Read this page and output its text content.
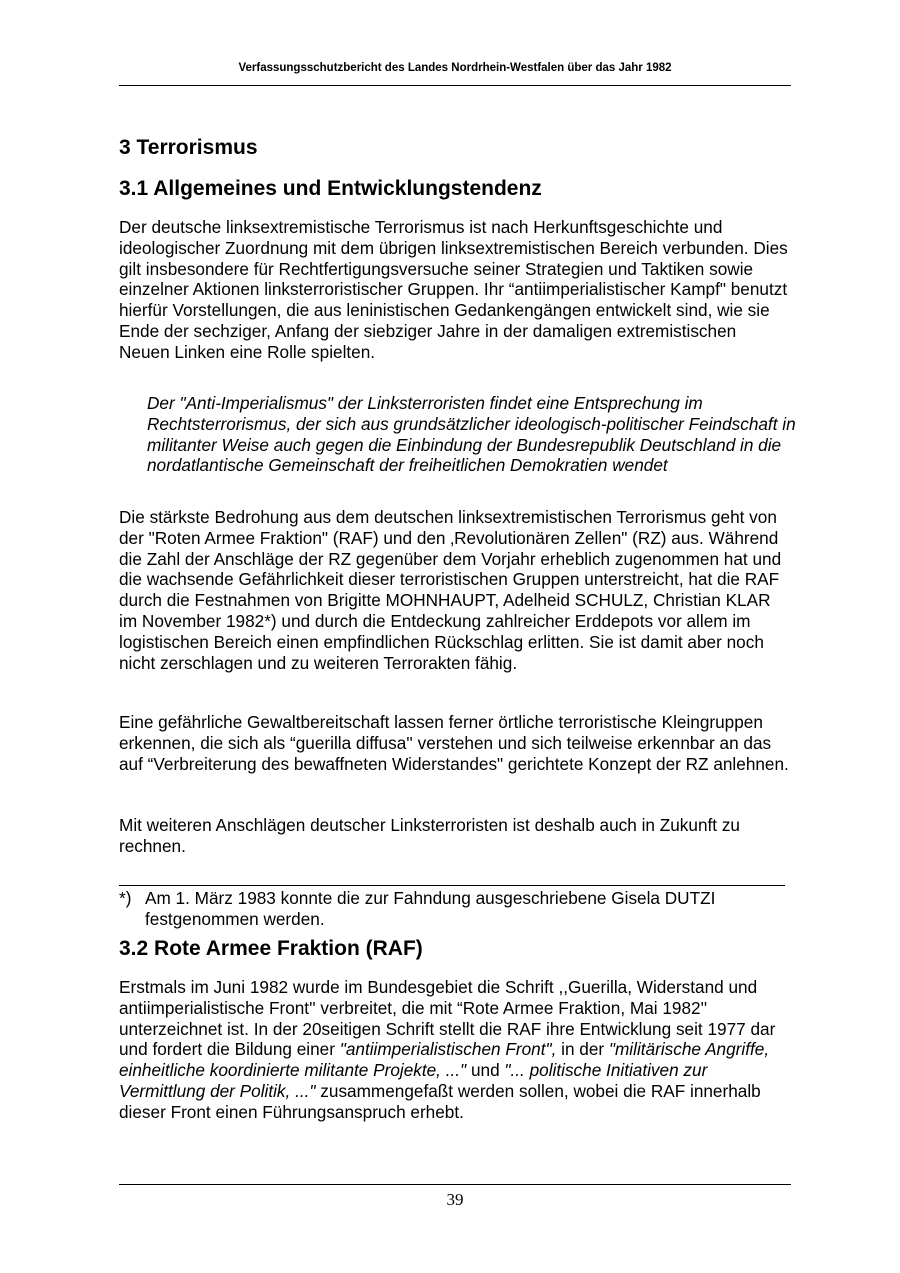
Verfassungsschutzbericht des Landes Nordrhein-Westfalen über das Jahr 1982
3 Terrorismus
3.1 Allgemeines und Entwicklungstendenz

Der deutsche linksextremistische Terrorismus ist nach Herkunftsgeschichte und ideologischer Zuordnung mit dem übrigen linksextremistischen Bereich verbunden. Dies gilt insbesondere für Rechtfertigungsversuche seiner Strategien und Taktiken sowie einzelner Aktionen linksterroristischer Gruppen. Ihr “antiimperialistischer Kampf" benutzt hierfür Vorstellungen, die aus leninistischen Gedankengängen entwickelt sind, wie sie Ende der sechziger, Anfang der siebziger Jahre in der damaligen extremistischen Neuen Linken eine Rolle spielten.

Der "Anti-Imperialismus" der Linksterroristen findet eine Entsprechung im Rechtsterrorismus, der sich aus grundsätzlicher ideologisch-politischer Feindschaft in militanter Weise auch gegen die Einbindung der Bundesrepublik Deutschland in die nordatlantische Gemeinschaft der freiheitlichen Demokratien wendet

Die stärkste Bedrohung aus dem deutschen linksextremistischen Terrorismus geht von der "Roten Armee Fraktion" (RAF) und den ‚Revolutionären Zellen" (RZ) aus. Während die Zahl der Anschläge der RZ gegenüber dem Vorjahr erheblich zugenommen hat und die wachsende Gefährlichkeit dieser terroristischen Gruppen unterstreicht, hat die RAF durch die Festnahmen von Brigitte MOHNHAUPT, Adelheid SCHULZ, Christian KLAR im November 1982*) und durch die Entdeckung zahlreicher Erddepots vor allem im logistischen Bereich einen empfindlichen Rückschlag erlitten. Sie ist damit aber noch nicht zerschlagen und zu weiteren Terrorakten fähig.

Eine gefährliche Gewaltbereitschaft lassen ferner örtliche terroristische Kleingruppen erkennen, die sich als “guerilla diffusa'' verstehen und sich teilweise erkennbar an das auf “Verbreiterung des bewaffneten Widerstandes" gerichtete Konzept der RZ anlehnen.

Mit weiteren Anschlägen deutscher Linksterroristen ist deshalb auch in Zukunft zu rechnen.

*) Am 1. März 1983 konnte die zur Fahndung ausgeschriebene Gisela DUTZI festgenommen werden.
3.2 Rote Armee Fraktion (RAF)

Erstmals im Juni 1982 wurde im Bundesgebiet die Schrift ,,Guerilla, Widerstand und antiimperialistische Front'' verbreitet, die mit “Rote Armee Fraktion, Mai 1982'' unterzeichnet ist. In der 20seitigen Schrift stellt die RAF ihre Entwicklung seit 1977 dar und fordert die Bildung einer "antiimperialistischen Front", in der "militärische Angriffe, einheitliche koordinierte militante Projekte, ..." und "... politische Initiativen zur Vermittlung der Politik, ..." zusammengefaßt werden sollen, wobei die RAF innerhalb dieser Front einen Führungsanspruch erhebt.

39
